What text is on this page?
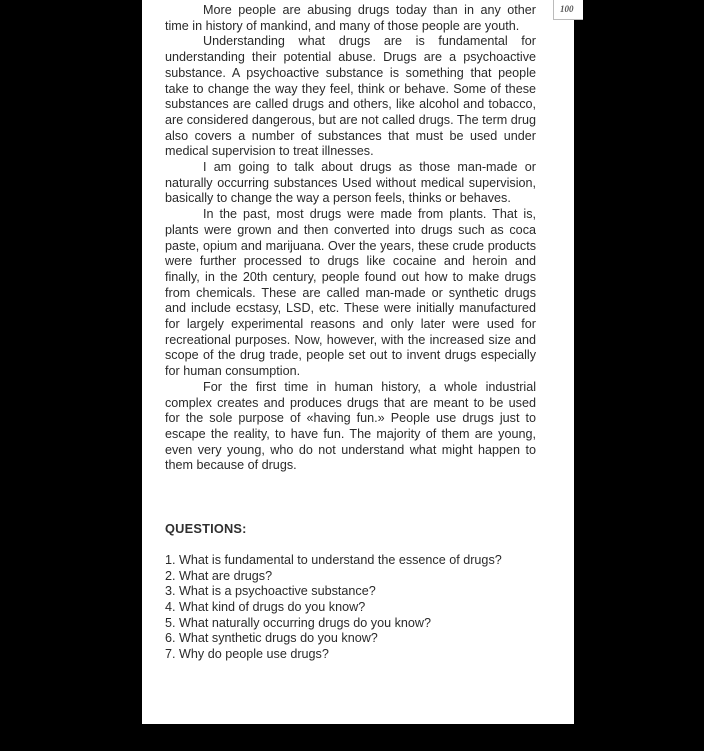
More people are abusing drugs today than in any other time in history of mankind, and many of those people are youth.

Understanding what drugs are is fundamental for understanding their potential abuse. Drugs are a psychoactive substance. A psychoactive substance is something that people take to change the way they feel, think or behave. Some of these substances are called drugs and others, like alcohol and tobacco, are considered dangerous, but are not called drugs. The term drug also covers a number of substances that must be used under medical supervision to treat illnesses.

I am going to talk about drugs as those man-made or naturally occurring substances Used without medical supervision, basically to change the way a person feels, thinks or behaves.

In the past, most drugs were made from plants. That is, plants were grown and then converted into drugs such as coca paste, opium and marijuana. Over the years, these crude products were further processed to drugs like cocaine and heroin and finally, in the 20th century, people found out how to make drugs from chemicals. These are called man-made or synthetic drugs and include ecstasy, LSD, etc. These were initially manufactured for largely experimental reasons and only later were used for recreational purposes. Now, however, with the increased size and scope of the drug trade, people set out to invent drugs especially for human consumption.

For the first time in human history, a whole industrial complex creates and produces drugs that are meant to be used for the sole purpose of «having fun.» People use drugs just to escape the reality, to have fun. The majority of them are young, even very young, who do not understand what might happen to them because of drugs.

QUESTIONS:
1. What is fundamental to understand the essence of drugs?
2. What are drugs?
3. What is a psychoactive substance?
4. What kind of drugs do you know?
5. What naturally occurring drugs do you know?
6. What synthetic drugs do you know?
7. Why do people use drugs?
100
